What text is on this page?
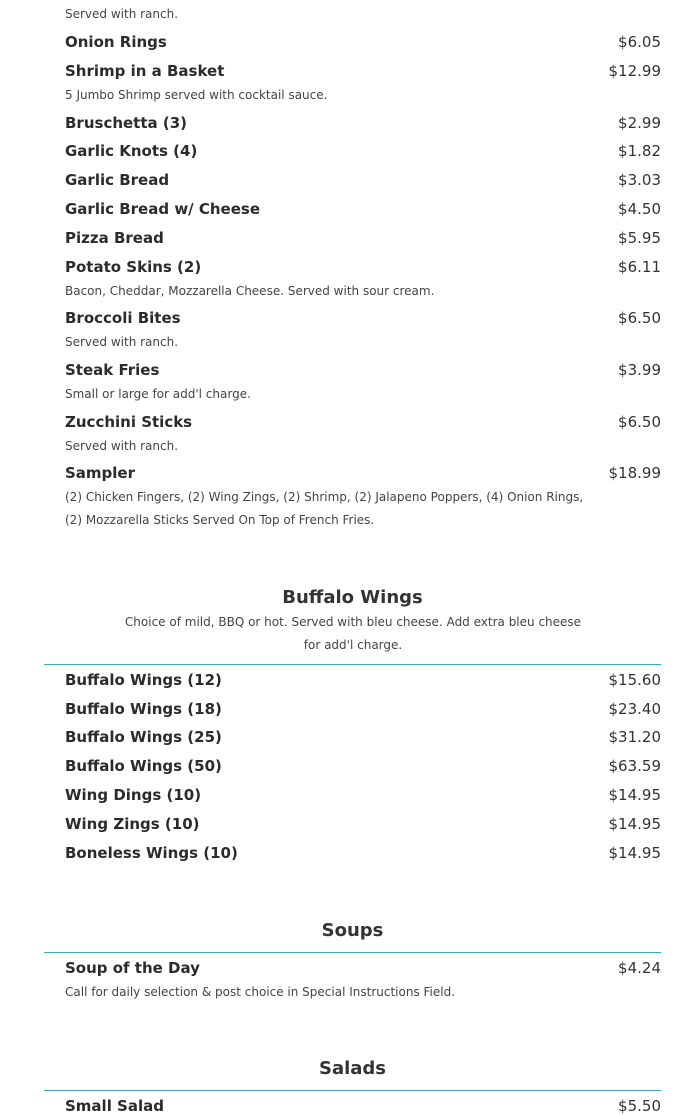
Served with ranch.
Onion Rings	$6.05
Shrimp in a Basket	$12.99
5 Jumbo Shrimp served with cocktail sauce.
Bruschetta (3)	$2.99
Garlic Knots (4)	$1.82
Garlic Bread	$3.03
Garlic Bread w/ Cheese	$4.50
Pizza Bread	$5.95
Potato Skins (2)	$6.11
Bacon, Cheddar, Mozzarella Cheese. Served with sour cream.
Broccoli Bites	$6.50
Served with ranch.
Steak Fries	$3.99
Small or large for add'l charge.
Zucchini Sticks	$6.50
Served with ranch.
Sampler	$18.99
(2) Chicken Fingers, (2) Wing Zings, (2) Shrimp, (2) Jalapeno Poppers, (4) Onion Rings, (2) Mozzarella Sticks Served On Top of French Fries.
Buffalo Wings
Choice of mild, BBQ or hot. Served with bleu cheese. Add extra bleu cheese for add'l charge.
Buffalo Wings (12)	$15.60
Buffalo Wings (18)	$23.40
Buffalo Wings (25)	$31.20
Buffalo Wings (50)	$63.59
Wing Dings (10)	$14.95
Wing Zings (10)	$14.95
Boneless Wings (10)	$14.95
Soups
Soup of the Day	$4.24
Call for daily selection & post choice in Special Instructions Field.
Salads
Small Salad	$5.50
